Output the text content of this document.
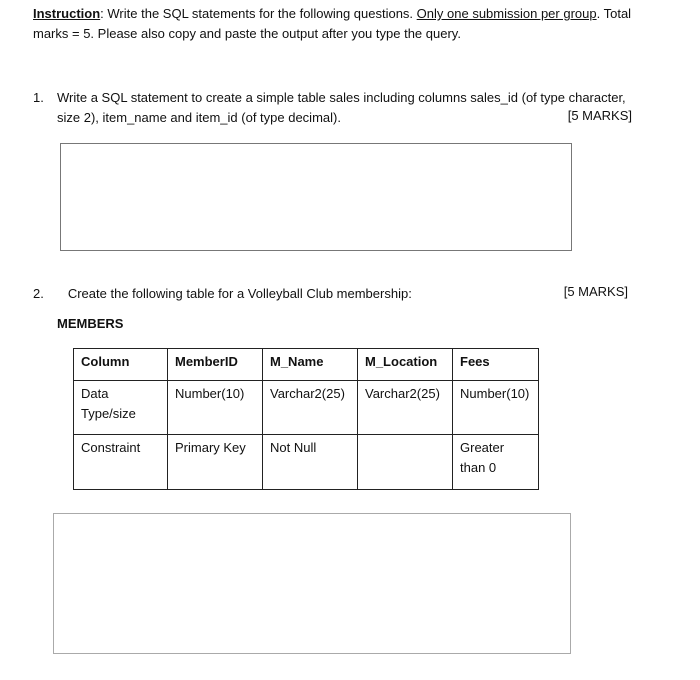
Instruction: Write the SQL statements for the following questions. Only one submission per group. Total marks = 5. Please also copy and paste the output after you type the query.
1. Write a SQL statement to create a simple table sales including columns sales_id (of type character, size 2), item_name and item_id (of type decimal).	[5 MARKS]
2. Create the following table for a Volleyball Club membership:	[5 MARKS]
MEMBERS
Column	MemberID	M_Name	M_Location	Fees
Data Type/size	Number(10)	Varchar2(25)	Varchar2(25)	Number(10)
Constraint	Primary Key	Not Null		Greater than 0
